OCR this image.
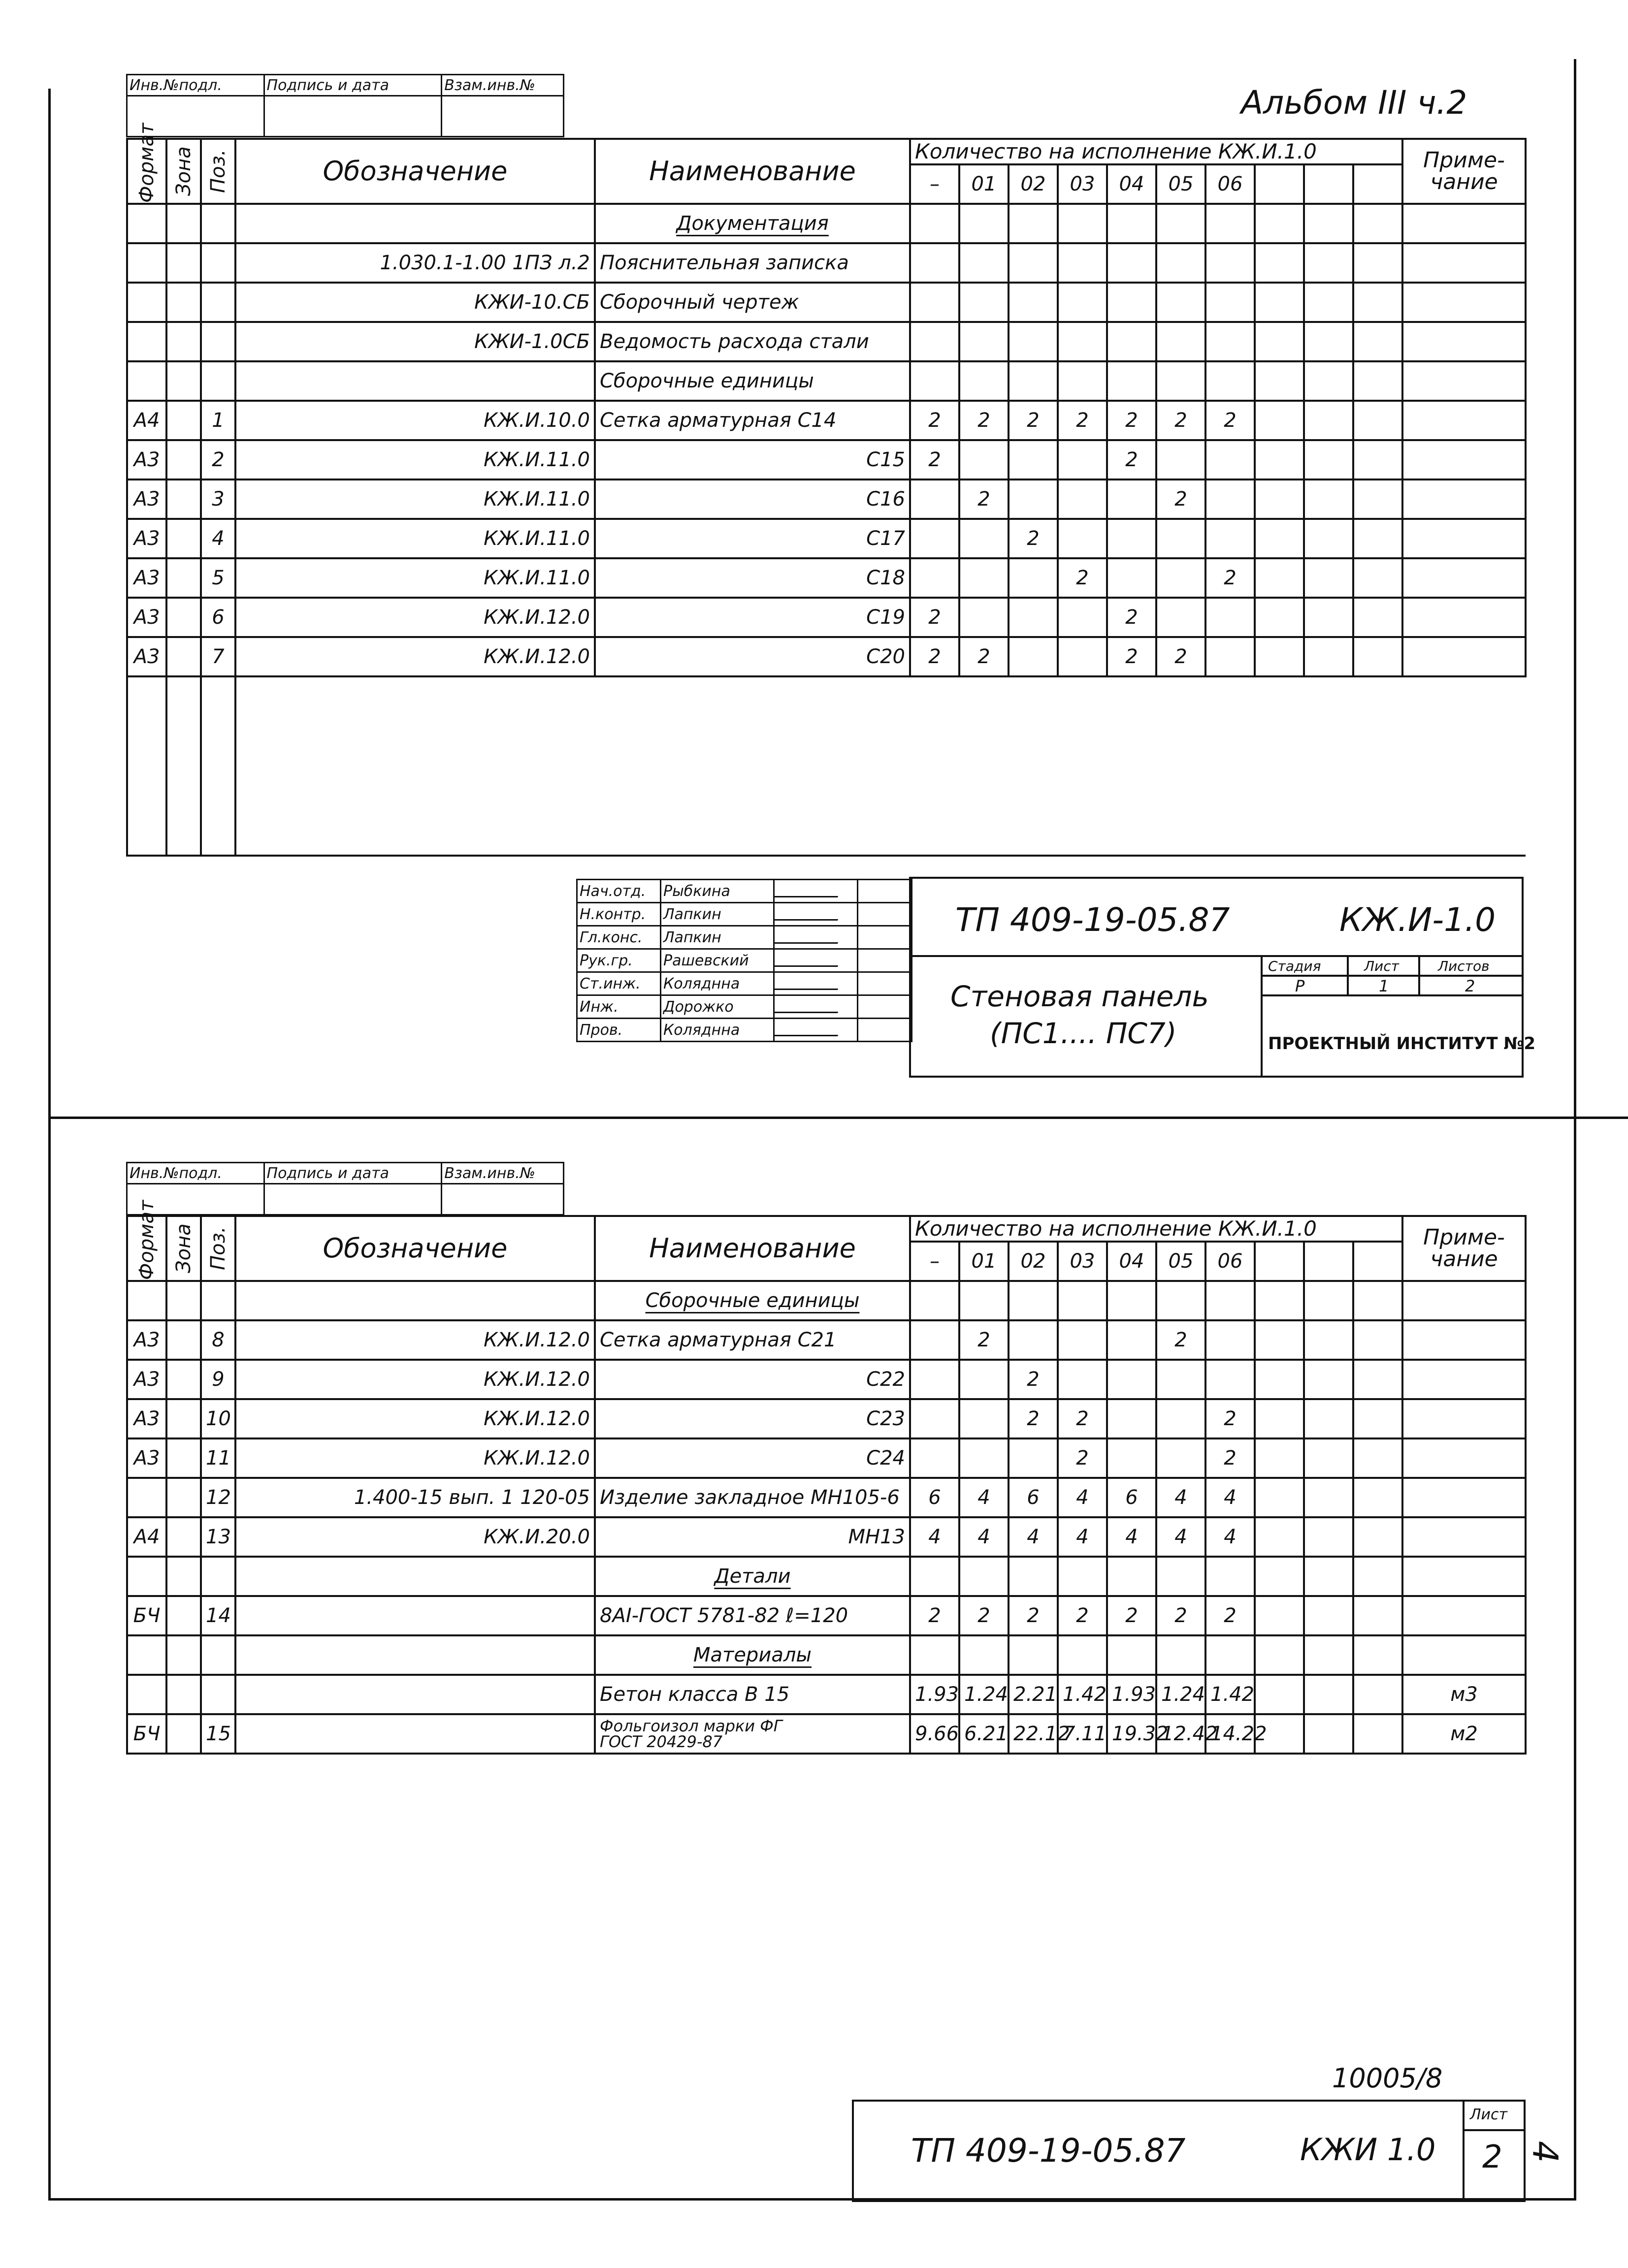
Альбом III ч.2
Инв.№подл.	Подпись и дата	Взам.инв.№

Формат	Зона	Поз.	Обозначение	Наименование	Количество на исполнение КЖ.И.1.0										Приме-
чание
					–	01	02	03	04	05	06				
				Документация											
			1.030.1-1.00 1ПЗ л.2	Пояснительная записка											
			КЖИ-10.СБ	Сборочный чертеж											
			КЖИ-1.0СБ	Ведомость расхода стали											
				Сборочные единицы											
А4		1	КЖ.И.10.0	Сетка арматурная С14	2	2	2	2	2	2	2				
А3		2	КЖ.И.11.0	С15	2				2						
А3		3	КЖ.И.11.0	С16		2				2					
А3		4	КЖ.И.11.0	С17			2								
А3		5	КЖ.И.11.0	С18				2			2				
А3		6	КЖ.И.12.0	С19	2				2						
А3		7	КЖ.И.12.0	С20	2	2			2	2					

Нач.отд.	Рыбкина		
Н.контр.	Лапкин		
Гл.конс.	Лапкин		
Рук.гр.	Рашевский		
Ст.инж.	Коляднна		
Инж.	Дорожко		
Пров.	Коляднна		
ТП 409-19-05.87	КЖ.И-1.0
Стеновая панель
(ПС1.... ПС7)
Стадия	Лист	Листов
Р	1	2
ПРОЕКТНЫЙ ИНСТИТУТ №2
Инв.№подл.	Подпись и дата	Взам.инв.№

Формат	Зона	Поз.	Обозначение	Наименование	Количество на исполнение КЖ.И.1.0										Приме-
чание
					–	01	02	03	04	05	06				
				Сборочные единицы											
А3		8	КЖ.И.12.0	Сетка арматурная С21		2				2					
А3		9	КЖ.И.12.0	С22			2								
А3		10	КЖ.И.12.0	С23			2	2			2				
А3		11	КЖ.И.12.0	С24				2			2				
		12	1.400-15 вып. 1 120-05	Изделие закладное МН105-6	6	4	6	4	6	4	4				
А4		13	КЖ.И.20.0	МН13	4	4	4	4	4	4	4				
				Детали											
БЧ		14		8AI-ГОСТ 5781-82 ℓ=120	2	2	2	2	2	2	2				
				Материалы											
				Бетон класса В 15	1.93	1.24	2.21	1.42	1.93	1.24	1.42				м3
БЧ		15		Фольгоизол марки ФГ
ГОСТ 20429-87	9.66	6.21	22.12	7.11	19.32	12.42	14.22				м2
10005/8
ТП 409-19-05.87	КЖИ 1.0
Лист
2 4
